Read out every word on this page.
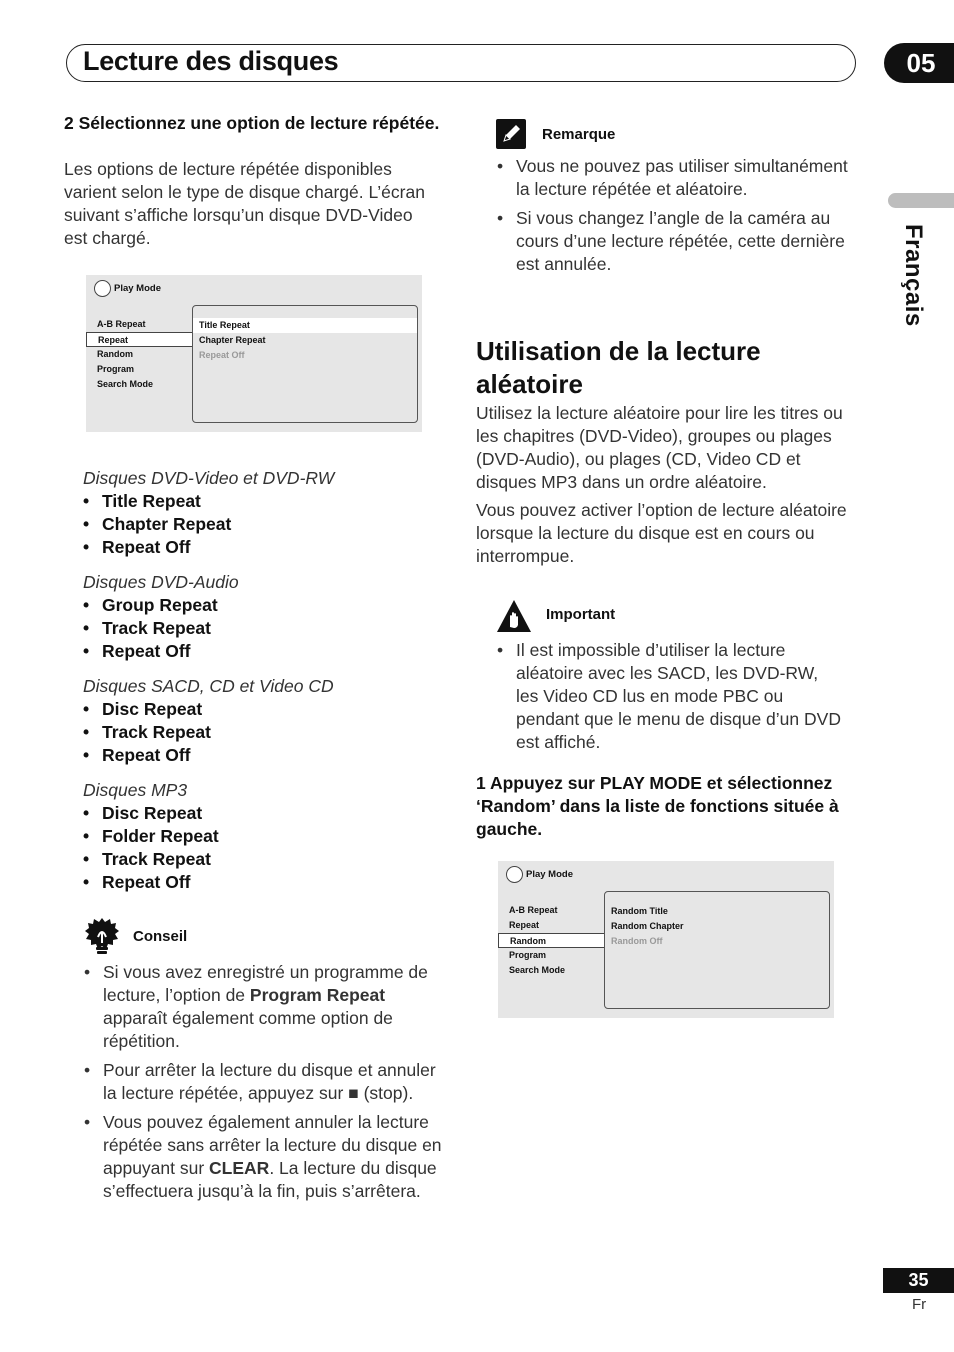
Lecture des disques	05
Français
2 Sélectionnez une option de lecture répétée.
Les options de lecture répétée disponibles varient selon le type de disque chargé. L’écran suivant s’affiche lorsqu’un disque DVD-Video est chargé.
Play Mode
A-B Repeat
Repeat
Random
Program
Search Mode
Title Repeat
Chapter Repeat
Repeat Off
Disques DVD-Video et DVD-RW
• Title Repeat
• Chapter Repeat
• Repeat Off
Disques DVD-Audio
• Group Repeat
• Track Repeat
• Repeat Off
Disques SACD, CD et Video CD
• Disc Repeat
• Track Repeat
• Repeat Off
Disques MP3
• Disc Repeat
• Folder Repeat
• Track Repeat
• Repeat Off
Conseil
• Si vous avez enregistré un programme de lecture, l’option de Program Repeat apparaît également comme option de répétition.
• Pour arrêter la lecture du disque et annuler la lecture répétée, appuyez sur ■ (stop).
• Vous pouvez également annuler la lecture répétée sans arrêter la lecture du disque en appuyant sur CLEAR. La lecture du disque s’effectuera jusqu’à la fin, puis s’arrêtera.
Remarque
• Vous ne pouvez pas utiliser simultanément la lecture répétée et aléatoire.
• Si vous changez l’angle de la caméra au cours d’une lecture répétée, cette dernière est annulée.
Utilisation de la lecture aléatoire
Utilisez la lecture aléatoire pour lire les titres ou les chapitres (DVD-Video), groupes ou plages (DVD-Audio), ou plages (CD, Video CD et disques MP3 dans un ordre aléatoire.
Vous pouvez activer l’option de lecture aléatoire lorsque la lecture du disque est en cours ou interrompue.
Important
• Il est impossible d’utiliser la lecture aléatoire avec les SACD, les DVD-RW, les Video CD lus en mode PBC ou pendant que le menu de disque d’un DVD est affiché.
1 Appuyez sur PLAY MODE et sélectionnez ‘Random’ dans la liste de fonctions située à gauche.
Play Mode
A-B Repeat
Repeat
Random
Program
Search Mode
Random Title
Random Chapter
Random Off
35
Fr
